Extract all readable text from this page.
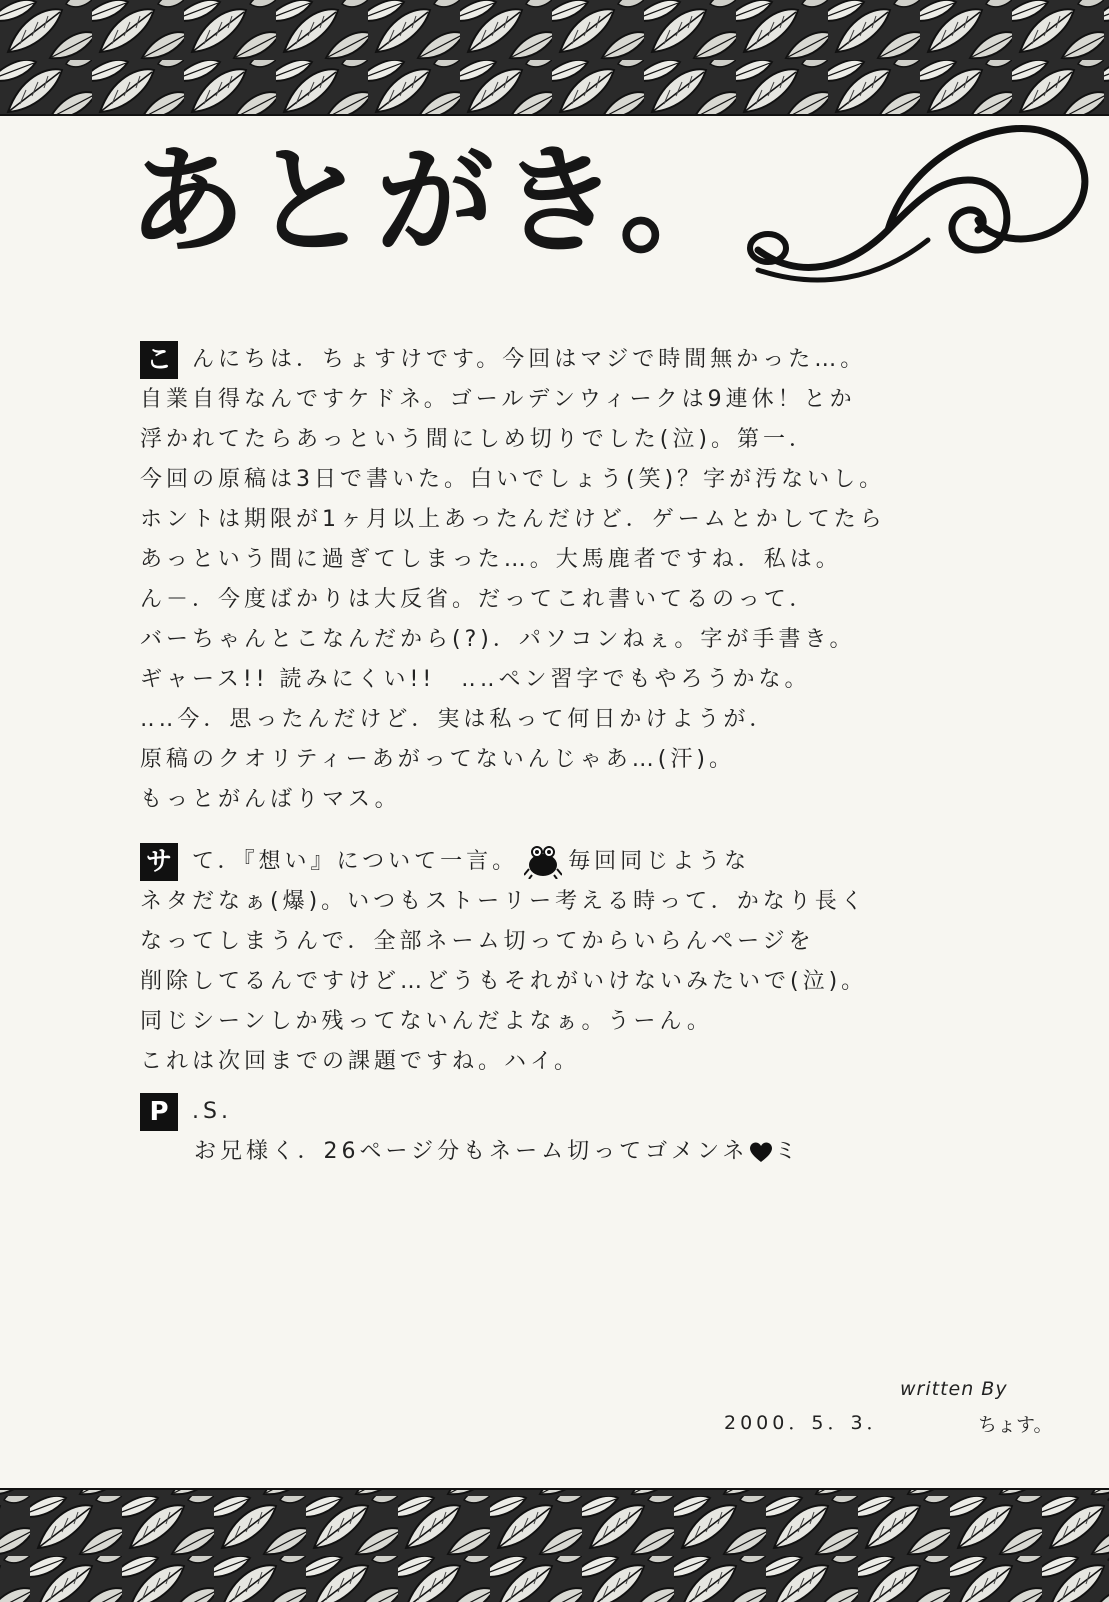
あとがき。
こ んにちは．ちょすけです。今回はマジで時間無かった…。
自業自得なんですケドネ。ゴールデンウィークは9連休！とか
浮かれてたらあっという間にしめ切りでした(泣)。第一．
今回の原稿は3日で書いた。白いでしょう(笑)？字が汚ないし。
ホントは期限が1ヶ月以上あったんだけど．ゲームとかしてたら
あっという間に過ぎてしまった…。大馬鹿者ですね．私は。
ん－．今度ばかりは大反省。だってこれ書いてるのって．
バーちゃんとこなんだから(?)．パソコンねぇ。字が手書き。
ギャース!! 読みにくい!!　‥‥ペン習字でもやろうかな。
‥‥今．思ったんだけど．実は私って何日かけようが．
原稿のクオリティーあがってないんじゃあ…(汗)。
もっとがんばりマス。
サ て．『想い』について一言。 毎回同じような
ネタだなぁ(爆)。いつもストーリー考える時って．かなり長く
なってしまうんで．全部ネーム切ってからいらんページを
削除してるんですけど…どうもそれがいけないみたいで(泣)。
同じシーンしか残ってないんだよなぁ。うーん。
これは次回までの課題ですね。ハイ。
P .S.
お兄様く．26ページ分もネーム切ってゴメンネ ミ
written By
2000．5．3．	ちょす。
